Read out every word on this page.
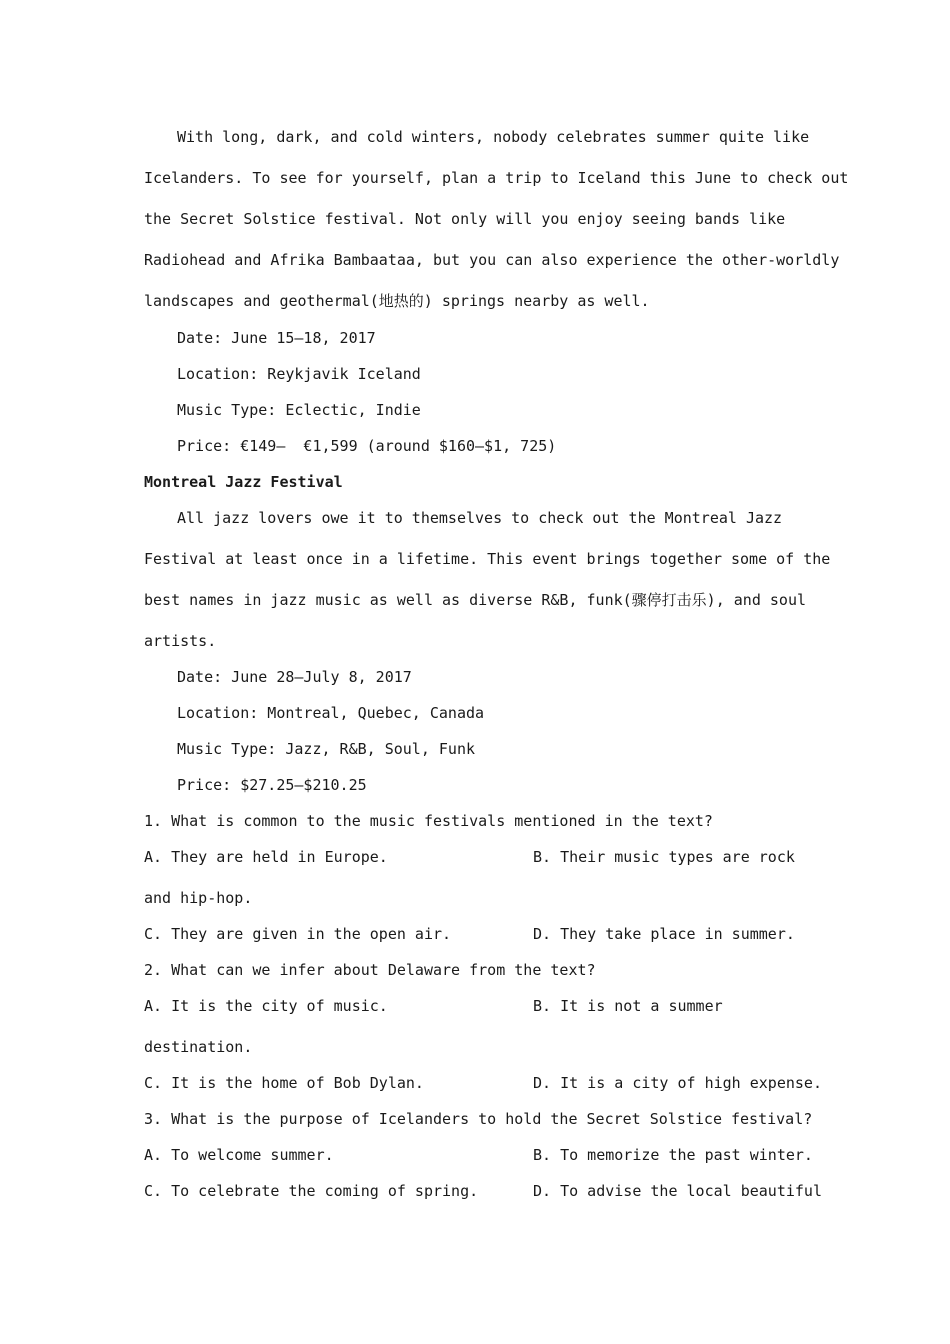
With long, dark, and cold winters, nobody celebrates summer quite like
Icelanders. To see for yourself, plan a trip to Iceland this June to check out
the Secret Solstice festival. Not only will you enjoy seeing bands like
Radiohead and Afrika Bambaataa, but you can also experience the other-worldly
landscapes and geothermal(地热的) springs nearby as well.
Date: June 15—18, 2017
Location: Reykjavik Iceland
Music Type: Eclectic, Indie
Price: €149—  €1,599 (around $160—$1, 725)
Montreal Jazz Festival
All jazz lovers owe it to themselves to check out the Montreal Jazz
Festival at least once in a lifetime. This event brings together some of the
best names in jazz music as well as diverse R&B, funk(骤停打击乐), and soul
artists.
Date: June 28—July 8, 2017
Location: Montreal, Quebec, Canada
Music Type: Jazz, R&B, Soul, Funk
Price: $27.25—$210.25
1. What is common to the music festivals mentioned in the text?
A. They are held in Europe.	B. Their music types are rock
and hip-hop.
C. They are given in the open air.	D. They take place in summer.
2. What can we infer about Delaware from the text?
A. It is the city of music.	B. It is not a summer
destination.
C. It is the home of Bob Dylan.	D. It is a city of high expense.
3. What is the purpose of Icelanders to hold the Secret Solstice festival?
A. To welcome summer.	B. To memorize the past winter.
C. To celebrate the coming of spring.	D. To advise the local beautiful
